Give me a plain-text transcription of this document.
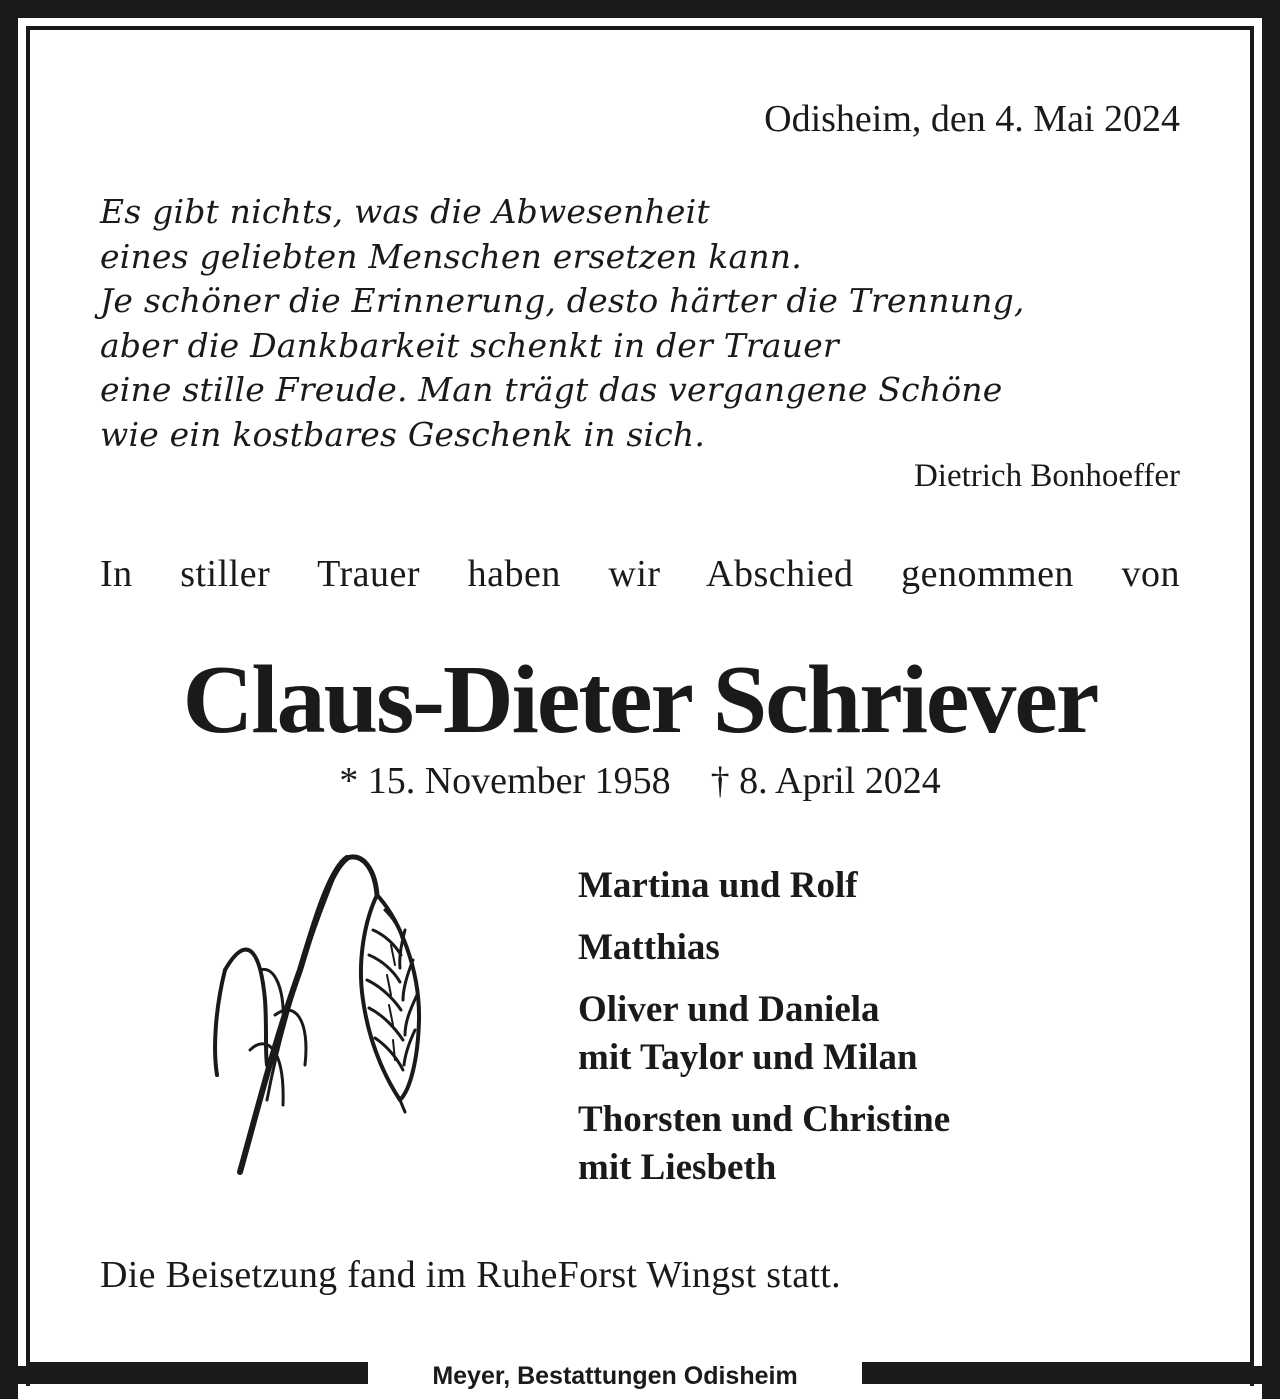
Odisheim, den 4. Mai 2024
Es gibt nichts, was die Abwesenheit
eines geliebten Menschen ersetzen kann.
Je schöner die Erinnerung, desto härter die Trennung,
aber die Dankbarkeit schenkt in der Trauer
eine stille Freude. Man trägt das vergangene Schöne
wie ein kostbares Geschenk in sich.
Dietrich Bonhoeffer
In stiller Trauer haben wir Abschied genommen von
Claus-Dieter Schriever
* 15. November 1958 † 8. April 2024
Martina und Rolf
Matthias
Oliver und Daniela
mit Taylor und Milan
Thorsten und Christine
mit Liesbeth
Die Beisetzung fand im RuheForst Wingst statt.
Meyer, Bestattungen Odisheim
